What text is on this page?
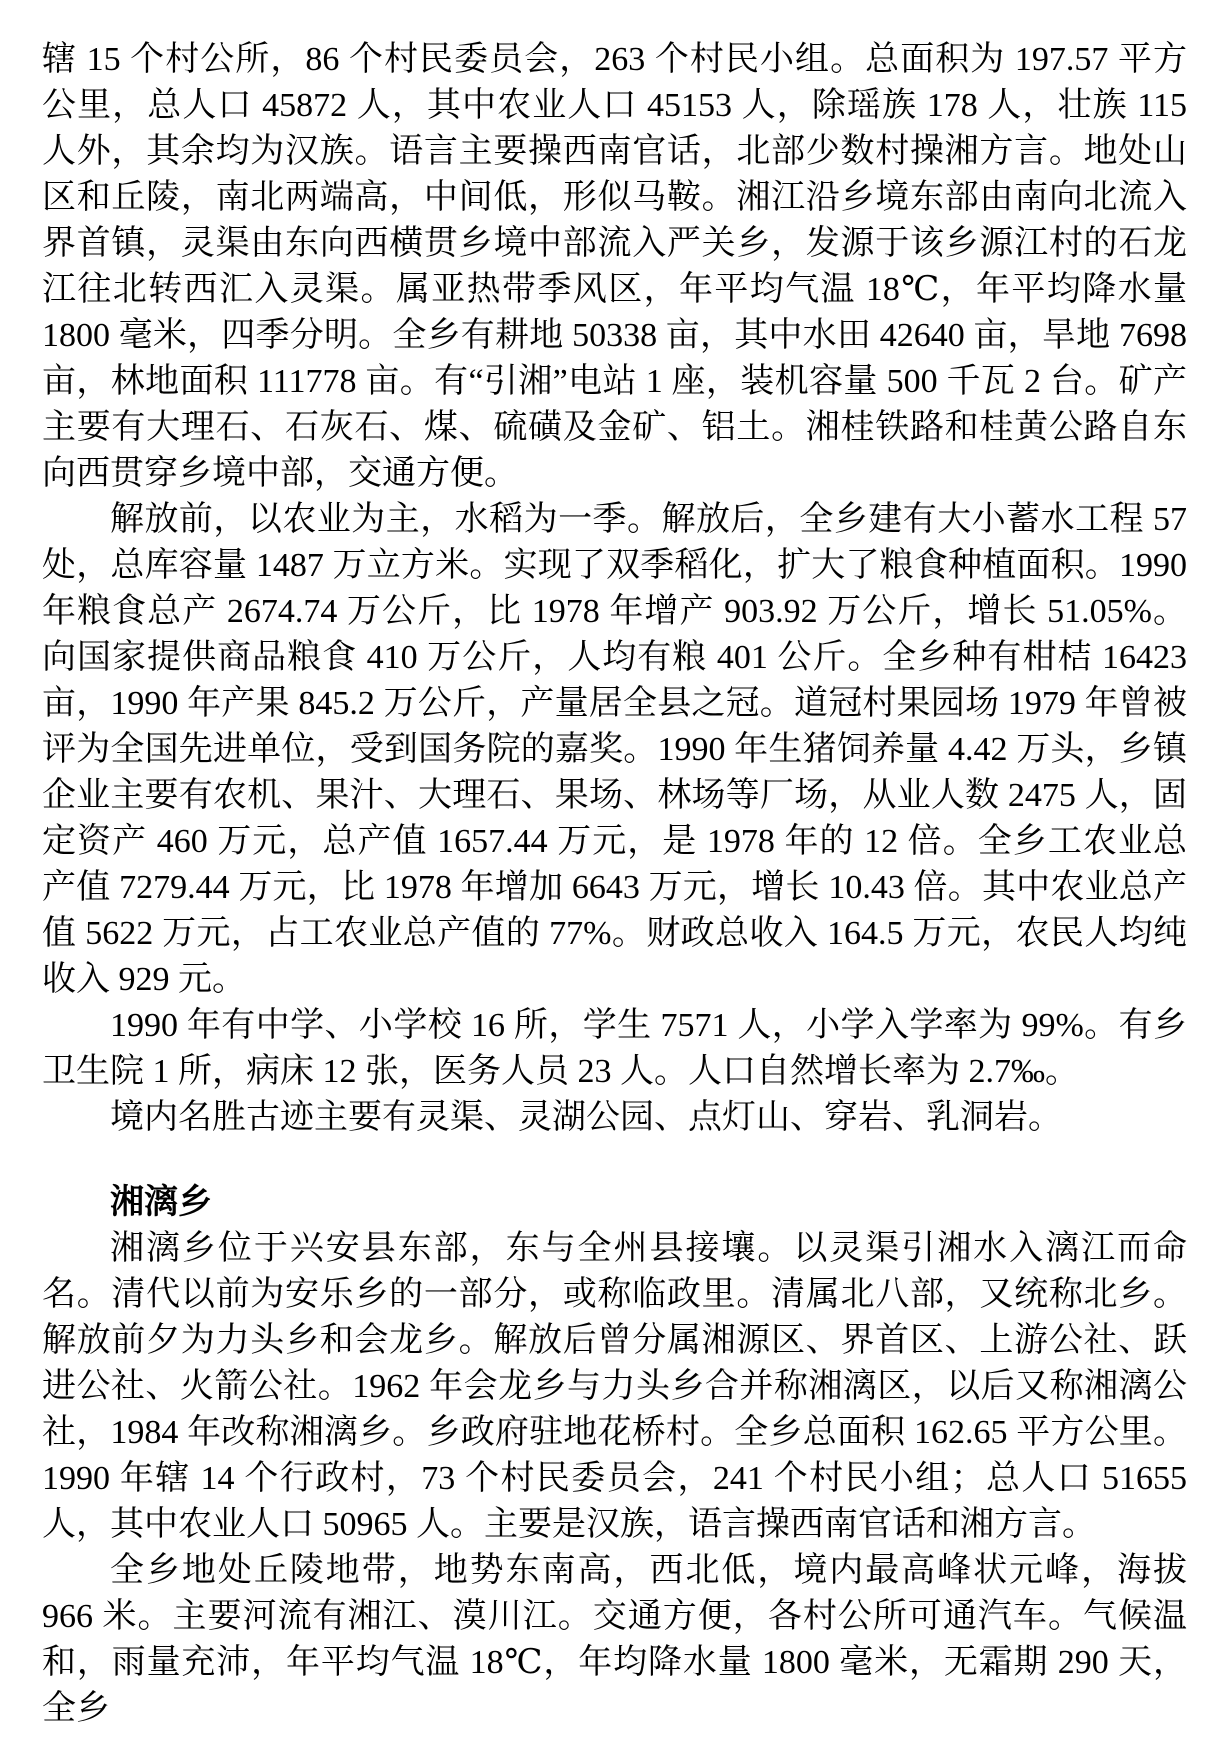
辖 15 个村公所，86 个村民委员会，263 个村民小组。总面积为 197.57 平方公里，总人口 45872 人，其中农业人口 45153 人，除瑶族 178 人，壮族 115 人外，其余均为汉族。语言主要操西南官话，北部少数村操湘方言。地处山区和丘陵，南北两端高，中间低，形似马鞍。湘江沿乡境东部由南向北流入界首镇，灵渠由东向西横贯乡境中部流入严关乡，发源于该乡源江村的石龙江往北转西汇入灵渠。属亚热带季风区，年平均气温 18℃，年平均降水量 1800 毫米，四季分明。全乡有耕地 50338 亩，其中水田 42640 亩，旱地 7698 亩，林地面积 111778 亩。有“引湘”电站 1 座，装机容量 500 千瓦 2 台。矿产主要有大理石、石灰石、煤、硫磺及金矿、铝土。湘桂铁路和桂黄公路自东向西贯穿乡境中部，交通方便。

解放前，以农业为主，水稻为一季。解放后，全乡建有大小蓄水工程 57 处，总库容量 1487 万立方米。实现了双季稻化，扩大了粮食种植面积。1990 年粮食总产 2674.74 万公斤，比 1978 年增产 903.92 万公斤，增长 51.05%。向国家提供商品粮食 410 万公斤，人均有粮 401 公斤。全乡种有柑桔 16423 亩，1990 年产果 845.2 万公斤，产量居全县之冠。道冠村果园场 1979 年曾被评为全国先进单位，受到国务院的嘉奖。1990 年生猪饲养量 4.42 万头，乡镇企业主要有农机、果汁、大理石、果场、林场等厂场，从业人数 2475 人，固定资产 460 万元，总产值 1657.44 万元，是 1978 年的 12 倍。全乡工农业总产值 7279.44 万元，比 1978 年增加 6643 万元，增长 10.43 倍。其中农业总产值 5622 万元，占工农业总产值的 77%。财政总收入 164.5 万元，农民人均纯收入 929 元。

1990 年有中学、小学校 16 所，学生 7571 人，小学入学率为 99%。有乡卫生院 1 所，病床 12 张，医务人员 23 人。人口自然增长率为 2.7‰。

境内名胜古迹主要有灵渠、灵湖公园、点灯山、穿岩、乳洞岩。

湘漓乡

湘漓乡位于兴安县东部，东与全州县接壤。以灵渠引湘水入漓江而命名。清代以前为安乐乡的一部分，或称临政里。清属北八部，又统称北乡。解放前夕为力头乡和会龙乡。解放后曾分属湘源区、界首区、上游公社、跃进公社、火箭公社。1962 年会龙乡与力头乡合并称湘漓区，以后又称湘漓公社，1984 年改称湘漓乡。乡政府驻地花桥村。全乡总面积 162.65 平方公里。1990 年辖 14 个行政村，73 个村民委员会，241 个村民小组；总人口 51655 人，其中农业人口 50965 人。主要是汉族，语言操西南官话和湘方言。

全乡地处丘陵地带，地势东南高，西北低，境内最高峰状元峰，海拔 966 米。主要河流有湘江、漠川江。交通方便，各村公所可通汽车。气候温和，雨量充沛，年平均气温 18℃，年均降水量 1800 毫米，无霜期 290 天，全乡
